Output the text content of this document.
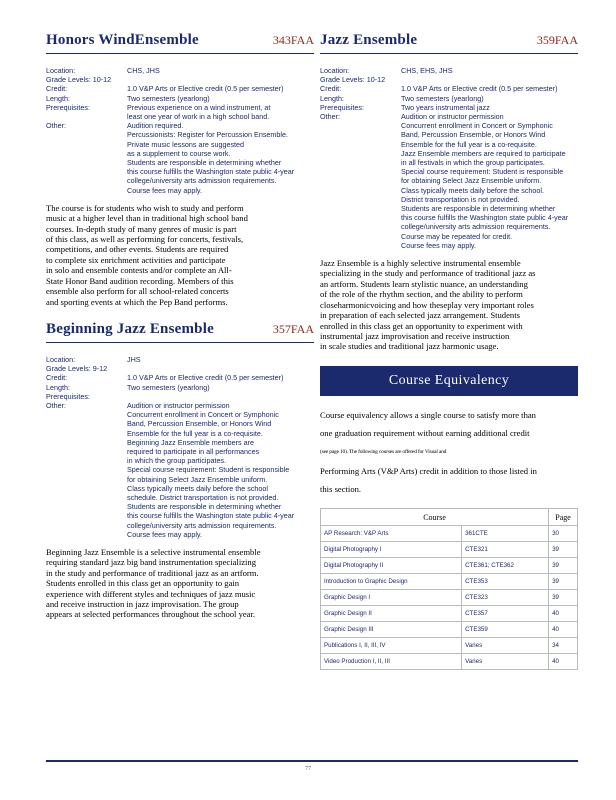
Honors WindEnsemble	343FAA
Location:	CHS, JHS
Grade Levels: 10-12
Credit:	1.0 V&P Arts or Elective credit (0.5 per semester)
Length:	Two semesters (yearlong)
Prerequisites:	Previous experience on a wind instrument, at
least one year of work in a high school band.
Other:	Audition required.
Percussionists: Register for Percussion Ensemble.
Private music lessons are suggested
as a supplement to course work.
Students are responsible in determining whether
this course fulfills the Washington state public 4-year
college/university arts admission requirements.
Course fees may apply.

The course is for students who wish to study and perform

music at a higher level than in traditional high school band

courses. In-depth study of many genres of music is part

of this class, as well as performing for concerts, festivals,

competitions, and other events. Students are required

to complete six enrichment activities and participate

in solo and ensemble contests and/or complete an All-

State Honor Band audition recording. Members of this

ensemble also perform for all school-related concerts

and sporting events at which the Pep Band performs.

Beginning Jazz Ensemble	357FAA
Location:	JHS
Grade Levels: 9-12
Credit:	1.0 V&P Arts or Elective credit (0.5 per semester)
Length:	Two semesters (yearlong)
Prerequisites:
Other:	Audition or instructor permission
Concurrent enrollment in Concert or Symphonic
Band, Percussion Ensemble, or Honors Wind
Ensemble for the full year is a co-requisite.
Beginning Jazz Ensemble members are
required to participate in all performances
in which the group participates.
Special course requirement: Student is responsible
for obtaining Select Jazz Ensemble uniform.
Class typically meets daily before the school
schedule. District transportation is not provided.
Students are responsible in determining whether
this course fulfills the Washington state public 4-year
college/university arts admission requirements.
Course fees may apply.

Beginning Jazz Ensemble is a selective instrumental ensemble

requiring standard jazz big band instrumentation specializing

in the study and performance of traditional jazz as an artform.

Students enrolled in this class get an opportunity to gain

experience with different styles and techniques of jazz music

and receive instruction in jazz improvisation. The group

appears at selected performances throughout the school year.

Jazz Ensemble	359FAA
Location:	CHS, EHS, JHS
Grade Levels: 10-12
Credit:	1.0 V&P Arts or Elective credit (0.5 per semester)
Length:	Two semesters (yearlong)
Prerequisites:	Two years instrumental jazz
Other:	Audition or instructor permission
Concurrent enrollment in Concert or Symphonic
Band, Percussion Ensemble, or Honors Wind
Ensemble for the full year is a co-requisite.
Jazz Ensemble members are required to participate
in all festivals in which the group participates.
Special course requirement: Student is responsible
for obtaining Select Jazz Ensemble uniform.
Class typically meets daily before the school.
District transportation is not provided.
Students are responsible in determining whether
this course fulfills the Washington state public 4-year
college/university arts admission requirements.
Course may be repeated for credit.
Course fees may apply.

Jazz Ensemble is a highly selective instrumental ensemble

specializing in the study and performance of traditional jazz as

an artform. Students learn stylistic nuance, an understanding

of the role of the rhythm section, and the ability to perform

closeharmonicvoicing and how theseplay very important roles

in preparation of each selected jazz arrangement. Students

enrolled in this class get an opportunity to experiment with

instrumental jazz improvisation and receive instruction

in scale studies and traditional jazz harmonic usage.

Course Equivalency

Course equivalency allows a single course to satisfy more than

one graduation requirement without earning additional credit

(see page 10). The following courses are offered for Visual and

Performing Arts (V&P Arts) credit in addition to those listed in

this section.

Course		Page
AP Research: V&P Arts	361CTE	30
Digital Photography I	CTE321	39
Digital Photography II	CTE361; CTE362	39
Introduction to Graphic Design	CTE353	39
Graphic Design I	CTE323	39
Graphic Design II	CTE357	40
Graphic Design III	CTE359	40
Publications I, II, III, IV	Varies	34
Video Production I, II, III	Varies	40
77
